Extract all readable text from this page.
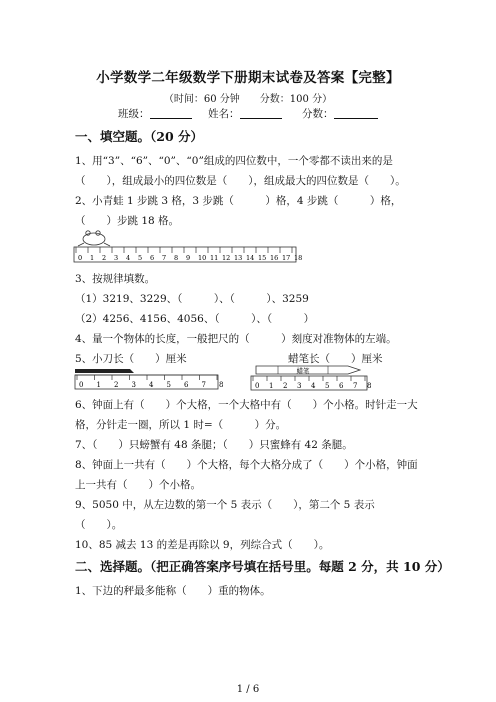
小学数学二年级数学下册期末试卷及答案【完整】
（时间：60 分钟　　分数：100 分）
班级：	姓名：	分数：
一、填空题。（20 分）
1、用“3”、“6”、“0”、“0”组成的四位数中，一个零都不读出来的是
（　　），组成最小的四位数是（　　），组成最大的四位数是（　　）。
2、小青蛙 1 步跳 3 格，3 步跳（　　　）格，4 步跳（　　　）格，
（　　）步跳 18 格。
0 1 2 3 4 5 6 7 8 9 10 11 12 13 14 15 16 17 18
3、按规律填数。
（1）3219、3229、（　　　）、（　　　）、3259
（2）4256、4156、4056、（　　　）、（　　　）
4、量一个物体的长度，一般把尺的（　　　）刻度对准物体的左端。
5、小刀长（　　）厘米	蜡笔长（　　）厘米
0 1 2 3 4 5 6 7 8
蜡笔
0 1 2 3 4 5 6 7 8
6、钟面上有（　　）个大格，一个大格中有（　　）个小格。时针走一大
格，分针走一圈，所以 1 时=（　　　）分。
7、（　　）只螃蟹有 48 条腿；（　　）只蜜蜂有 42 条腿。
8、钟面上一共有（　　）个大格，每个大格分成了（　　）个小格，钟面
上一共有（　　）个小格。
9、5050 中，从左边数的第一个 5 表示（　　），第二个 5 表示
（　　）。
10、85 减去 13 的差是再除以 9，列综合式（　　）。
二、选择题。（把正确答案序号填在括号里。每题 2 分，共 10 分）
1、下边的秤最多能称（　　）重的物体。
1 / 6
